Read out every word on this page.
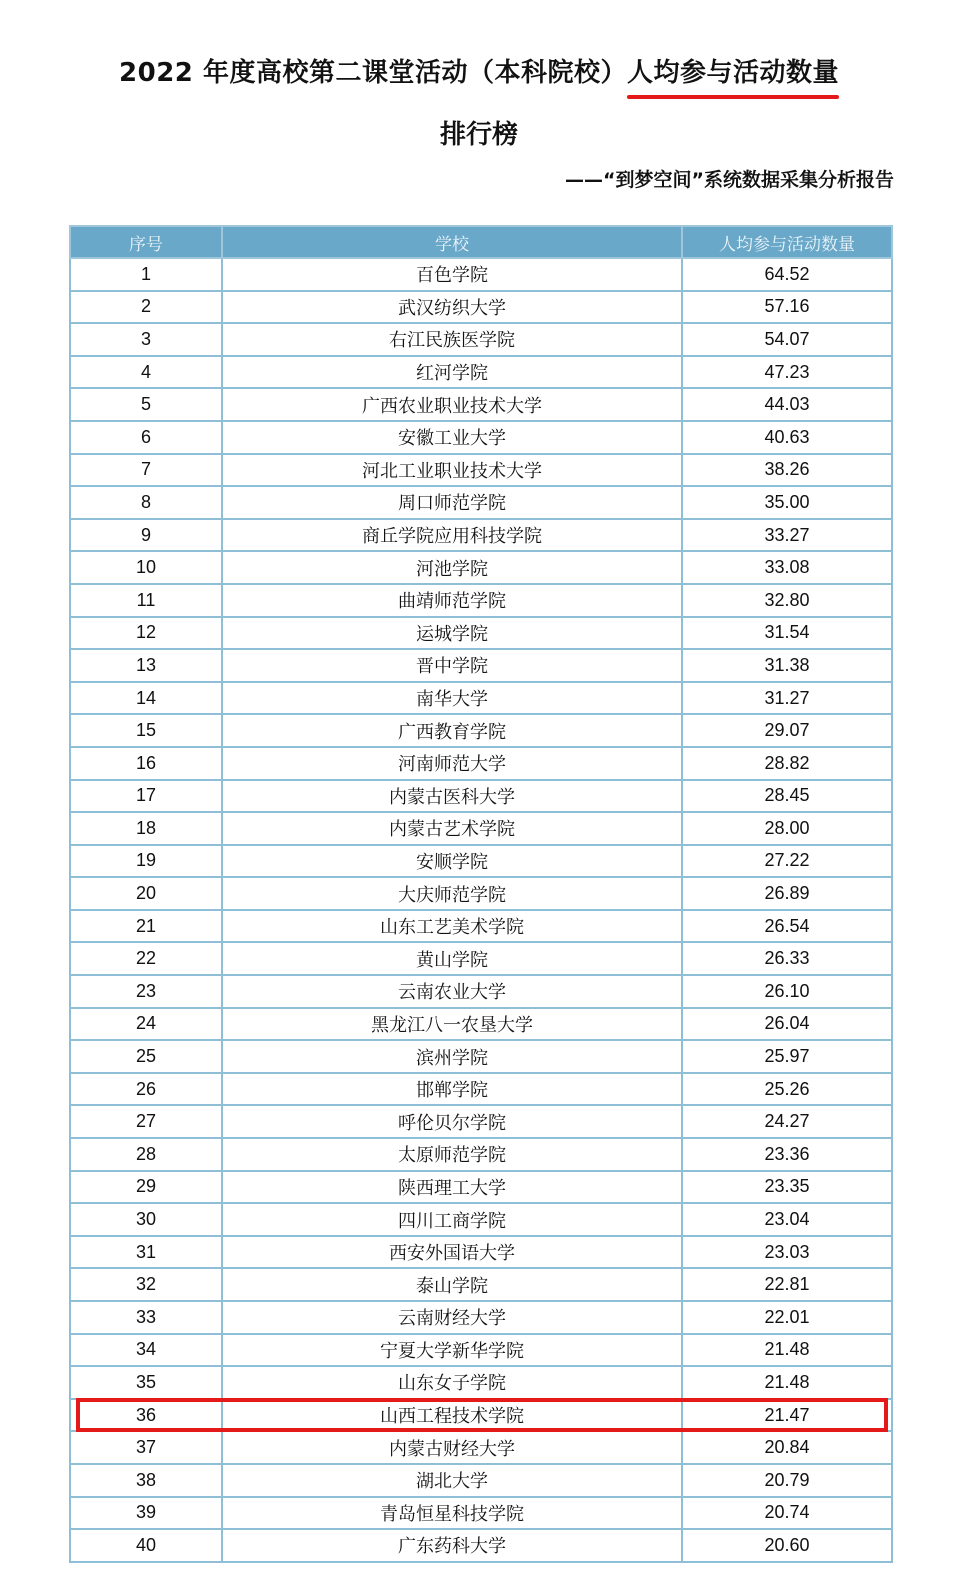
2022 年度高校第二课堂活动（本科院校）人均参与活动数量
排行榜
——“到梦空间”系统数据采集分析报告
序号	学校	人均参与活动数量
1	百色学院	64.52
2	武汉纺织大学	57.16
3	右江民族医学院	54.07
4	红河学院	47.23
5	广西农业职业技术大学	44.03
6	安徽工业大学	40.63
7	河北工业职业技术大学	38.26
8	周口师范学院	35.00
9	商丘学院应用科技学院	33.27
10	河池学院	33.08
11	曲靖师范学院	32.80
12	运城学院	31.54
13	晋中学院	31.38
14	南华大学	31.27
15	广西教育学院	29.07
16	河南师范大学	28.82
17	内蒙古医科大学	28.45
18	内蒙古艺术学院	28.00
19	安顺学院	27.22
20	大庆师范学院	26.89
21	山东工艺美术学院	26.54
22	黄山学院	26.33
23	云南农业大学	26.10
24	黑龙江八一农垦大学	26.04
25	滨州学院	25.97
26	邯郸学院	25.26
27	呼伦贝尔学院	24.27
28	太原师范学院	23.36
29	陕西理工大学	23.35
30	四川工商学院	23.04
31	西安外国语大学	23.03
32	泰山学院	22.81
33	云南财经大学	22.01
34	宁夏大学新华学院	21.48
35	山东女子学院	21.48
36	山西工程技术学院	21.47
37	内蒙古财经大学	20.84
38	湖北大学	20.79
39	青岛恒星科技学院	20.74
40	广东药科大学	20.60
